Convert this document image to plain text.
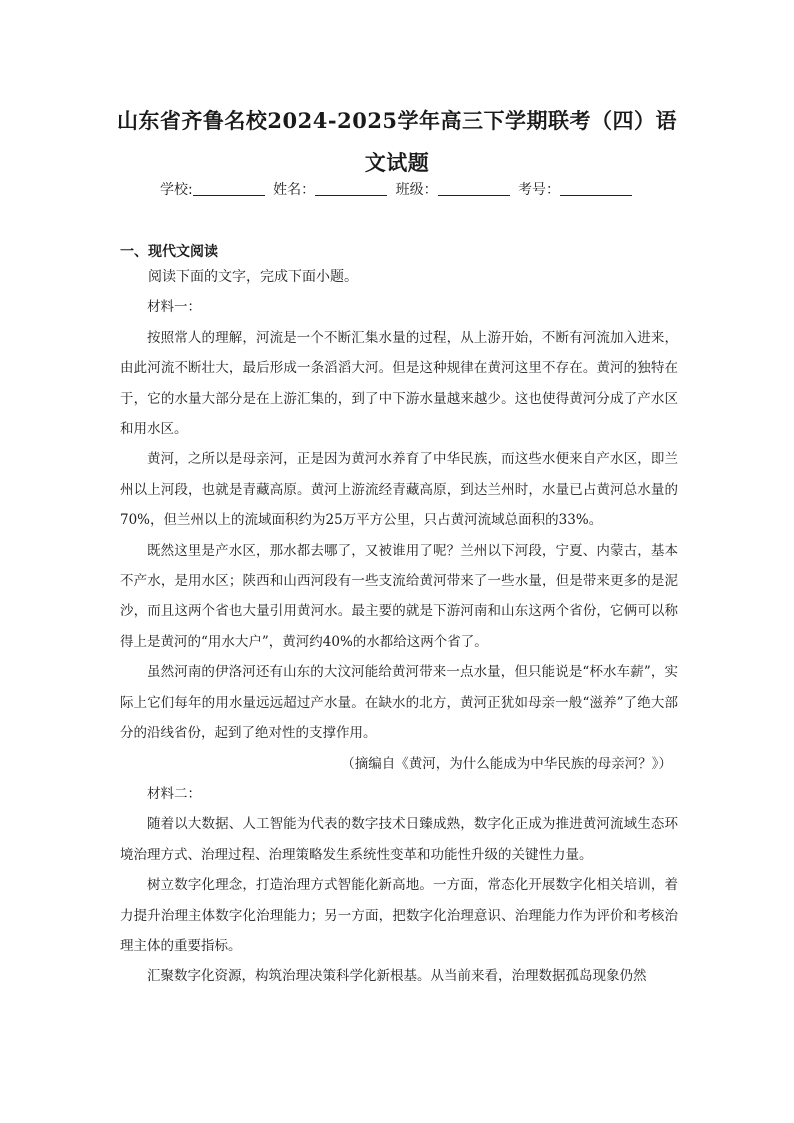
山东省齐鲁名校2024-2025学年高三下学期联考（四）语文试题
学校:	姓名：	班级：	考号：
一、现代文阅读

阅读下面的文字，完成下面小题。

材料一：

按照常人的理解，河流是一个不断汇集水量的过程，从上游开始，不断有河流加入进来，由此河流不断壮大，最后形成一条滔滔大河。但是这种规律在黄河这里不存在。黄河的独特在于，它的水量大部分是在上游汇集的，到了中下游水量越来越少。这也使得黄河分成了产水区和用水区。

黄河，之所以是母亲河，正是因为黄河水养育了中华民族，而这些水便来自产水区，即兰州以上河段，也就是青藏高原。黄河上游流经青藏高原，到达兰州时，水量已占黄河总水量的70%，但兰州以上的流域面积约为25万平方公里，只占黄河流域总面积的33%。

既然这里是产水区，那水都去哪了，又被谁用了呢？兰州以下河段，宁夏、内蒙古，基本不产水，是用水区；陕西和山西河段有一些支流给黄河带来了一些水量，但是带来更多的是泥沙，而且这两个省也大量引用黄河水。最主要的就是下游河南和山东这两个省份，它俩可以称得上是黄河的“用水大户”，黄河约40%的水都给这两个省了。

虽然河南的伊洛河还有山东的大汶河能给黄河带来一点水量，但只能说是“杯水车薪”，实际上它们每年的用水量远远超过产水量。在缺水的北方，黄河正犹如母亲一般“滋养”了绝大部分的沿线省份，起到了绝对性的支撑作用。

（摘编自《黄河，为什么能成为中华民族的母亲河？》）

材料二：

随着以大数据、人工智能为代表的数字技术日臻成熟，数字化正成为推进黄河流域生态环境治理方式、治理过程、治理策略发生系统性变革和功能性升级的关键性力量。

树立数字化理念，打造治理方式智能化新高地。一方面，常态化开展数字化相关培训，着力提升治理主体数字化治理能力；另一方面，把数字化治理意识、治理能力作为评价和考核治理主体的重要指标。

汇聚数字化资源，构筑治理决策科学化新根基。从当前来看，治理数据孤岛现象仍然
